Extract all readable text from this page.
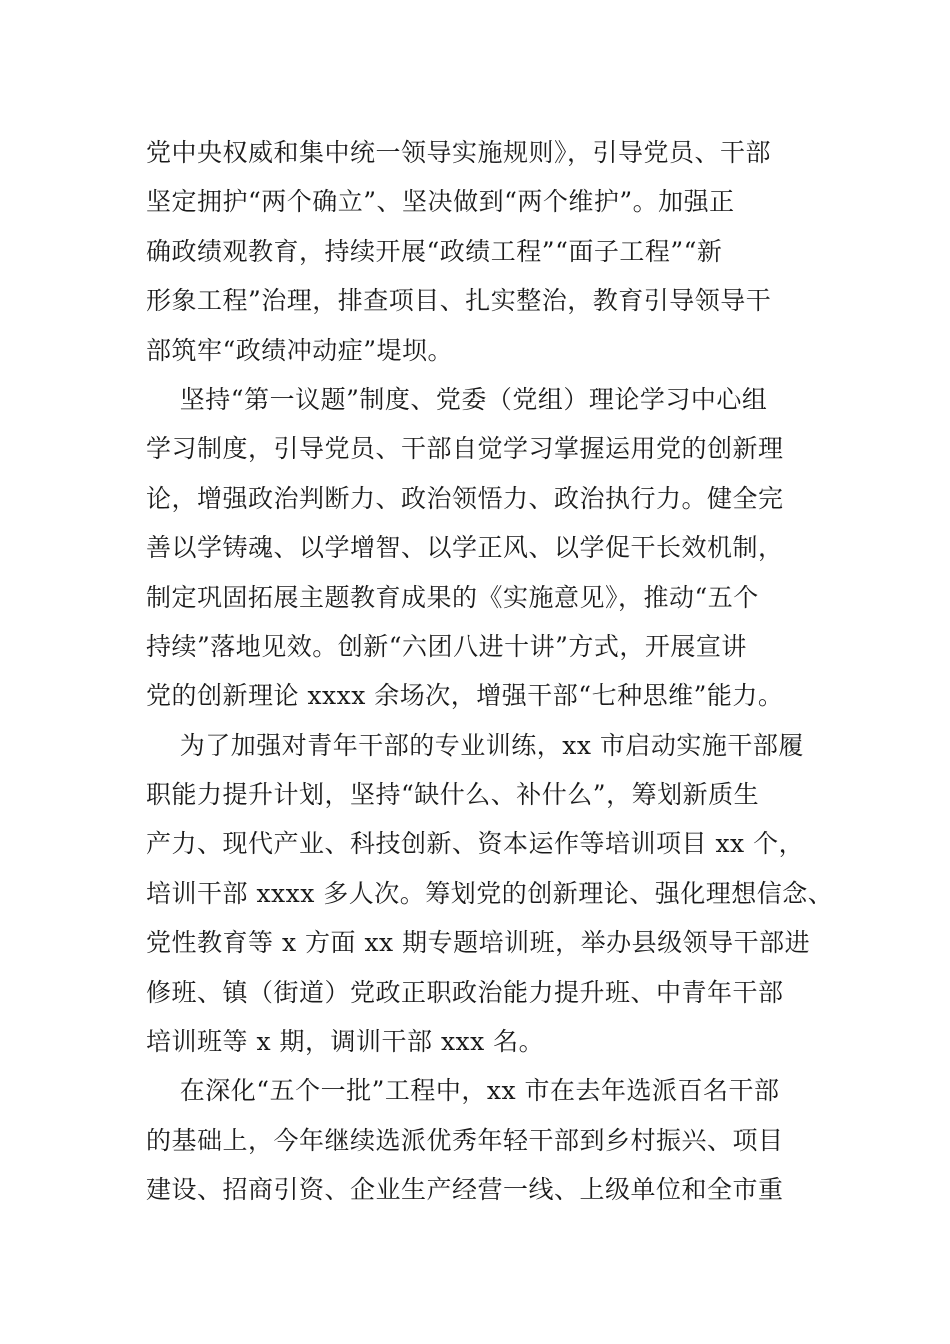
党中央权威和集中统一领导实施规则》，引导党员、干部
坚定拥护“两个确立”、坚决做到“两个维护”。加强正
确政绩观教育，持续开展“政绩工程”“面子工程”“新
形象工程”治理，排查项目、扎实整治，教育引导领导干
部筑牢“政绩冲动症”堤坝。
坚持“第一议题”制度、党委（党组）理论学习中心组
学习制度，引导党员、干部自觉学习掌握运用党的创新理
论，增强政治判断力、政治领悟力、政治执行力。健全完
善以学铸魂、以学增智、以学正风、以学促干长效机制，
制定巩固拓展主题教育成果的《实施意见》，推动“五个
持续”落地见效。创新“六团八进十讲”方式，开展宣讲
党的创新理论 xxxx 余场次，增强干部“七种思维”能力。
为了加强对青年干部的专业训练，xx 市启动实施干部履
职能力提升计划，坚持“缺什么、补什么”，筹划新质生
产力、现代产业、科技创新、资本运作等培训项目 xx 个，
培训干部 xxxx 多人次。筹划党的创新理论、强化理想信念、
党性教育等 x 方面 xx 期专题培训班，举办县级领导干部进
修班、镇（街道）党政正职政治能力提升班、中青年干部
培训班等 x 期，调训干部 xxx 名。
在深化“五个一批”工程中，xx 市在去年选派百名干部
的基础上，今年继续选派优秀年轻干部到乡村振兴、项目
建设、招商引资、企业生产经营一线、上级单位和全市重
